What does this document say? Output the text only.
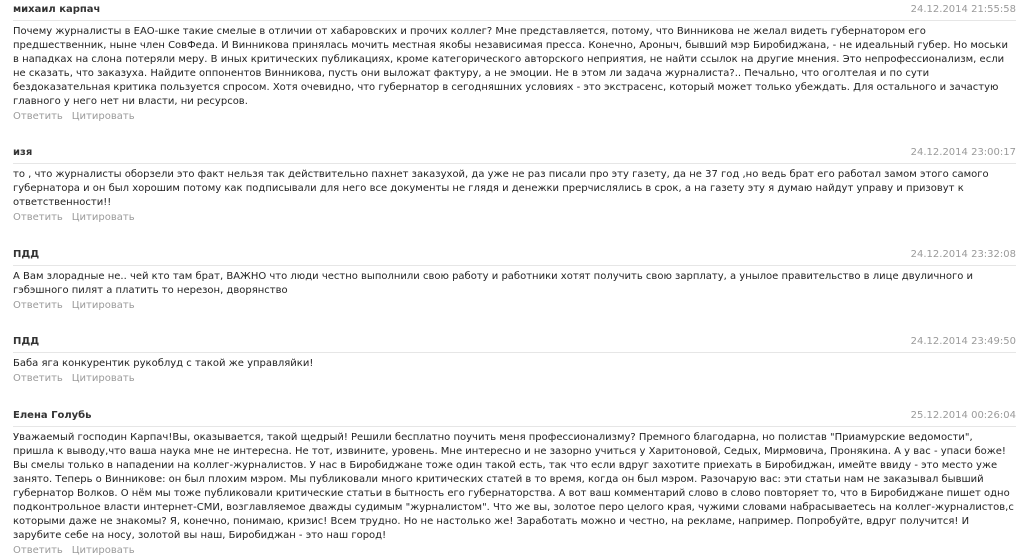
михаил карпач	24.12.2014 21:55:58
Почему журналисты в ЕАО-шке такие смелые в отличии от хабаровских и прочих коллег? Мне представляется, потому, что Винникова не желал видеть губернатором его предшественник, ныне член СовФеда. И Винникова принялась мочить местная якобы независимая пресса. Конечно, Ароныч, бывший мэр Биробиджана, - не идеальный губер. Но моськи в нападках на слона потеряли меру. В иных критических публикациях, кроме категорического авторского неприятия, не найти ссылок на другие мнения. Это непрофессионализм, если не сказать, что заказуха. Найдите оппонентов Винникова, пусть они выложат фактуру, а не эмоции. Не в этом ли задача журналиста?.. Печально, что оголтелая и по сути бездоказательная критика пользуется спросом. Хотя очевидно, что губернатор в сегодняшних условиях - это экстрасенс, который может только убеждать. Для остального и зачастую главного у него нет ни власти, ни ресурсов.
Ответить Цитировать
изя	24.12.2014 23:00:17
то , что журналисты оборзели это факт нельзя так действительно пахнет заказухой, да уже не раз писали про эту газету, да не 37 год ,но ведь брат его работал замом этого самого губернатора и он был хорошим потому как подписывали для него все документы не глядя и денежки прерчислялись в срок, а на газету эту я думаю найдут управу и призовут к ответственности!!
Ответить Цитировать
ПДД	24.12.2014 23:32:08
А Вам злорадные не.. чей кто там брат, ВАЖНО что люди честно выполнили свою работу и работники хотят получить свою зарплату, а унылое правительство в лице двуличного и гэбэшного пилят а платить то нерезон, дворянство
Ответить Цитировать
ПДД	24.12.2014 23:49:50
Баба яга конкурентик рукоблуд с такой же управляйки!
Ответить Цитировать
Елена Голубь	25.12.2014 00:26:04
Уважаемый господин Карпач!Вы, оказывается, такой щедрый! Решили бесплатно поучить меня профессионализму? Премного благодарна, но полистав "Приамурские ведомости", пришла к выводу,что ваша наука мне не интересна. Не тот, извините, уровень. Мне интересно и не зазорно учиться у Харитоновой, Седых, Мирмовича, Пронякина. А у вас - упаси боже! Вы смелы только в нападении на коллег-журналистов. У нас в Биробиджане тоже один такой есть, так что если вдруг захотите приехать в Биробиджан, имейте ввиду - это место уже занято. Теперь о Винникове: он был плохим мэром. Мы публиковали много критических статей в то время, когда он был мэром. Разочарую вас: эти статьи нам не заказывал бывший губернатор Волков. О нём мы тоже публиковали критические статьи в бытность его губернаторства. А вот ваш комментарий слово в слово повторяет то, что в Биробиджане пишет одно подконтрольное власти интернет-СМИ, возглавляемое дважды судимым "журналистом". Что же вы, золотое перо целого края, чужими словами набрасываетесь на коллег-журналистов,с которыми даже не знакомы? Я, конечно, понимаю, кризис! Всем трудно. Но не настолько же! Заработать можно и честно, на рекламе, например. Попробуйте, вдруг получится! И зарубите себе на носу, золотой вы наш, Биробиджан - это наш город!
Ответить Цитировать
